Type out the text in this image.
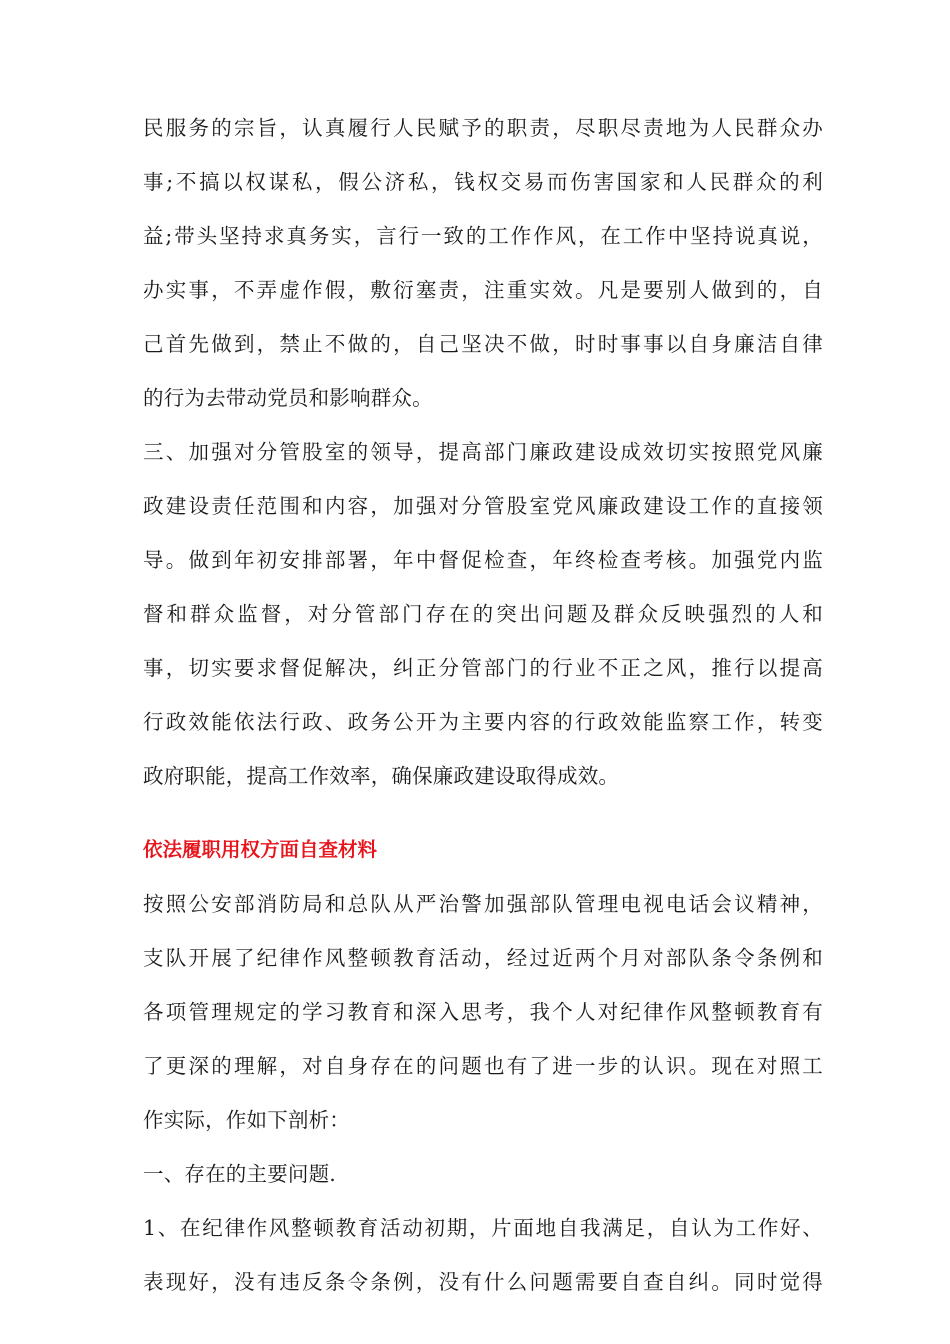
民服务的宗旨，认真履行人民赋予的职责，尽职尽责地为人民群众办
事;不搞以权谋私，假公济私，钱权交易而伤害国家和人民群众的利
益;带头坚持求真务实，言行一致的工作作风，在工作中坚持说真说，
办实事，不弄虚作假，敷衍塞责，注重实效。凡是要别人做到的，自
己首先做到，禁止不做的，自己坚决不做，时时事事以自身廉洁自律
的行为去带动党员和影响群众。
三、加强对分管股室的领导，提高部门廉政建设成效切实按照党风廉
政建设责任范围和内容，加强对分管股室党风廉政建设工作的直接领
导。做到年初安排部署，年中督促检查，年终检查考核。加强党内监
督和群众监督，对分管部门存在的突出问题及群众反映强烈的人和
事，切实要求督促解决，纠正分管部门的行业不正之风，推行以提高
行政效能依法行政、政务公开为主要内容的行政效能监察工作，转变
政府职能，提高工作效率，确保廉政建设取得成效。
依法履职用权方面自查材料
按照公安部消防局和总队从严治警加强部队管理电视电话会议精神，
支队开展了纪律作风整顿教育活动，经过近两个月对部队条令条例和
各项管理规定的学习教育和深入思考，我个人对纪律作风整顿教育有
了更深的理解，对自身存在的问题也有了进一步的认识。现在对照工
作实际，作如下剖析：
一、存在的主要问题.
1、在纪律作风整顿教育活动初期，片面地自我满足，自认为工作好、
表现好，没有违反条令条例，没有什么问题需要自查自纠。同时觉得
